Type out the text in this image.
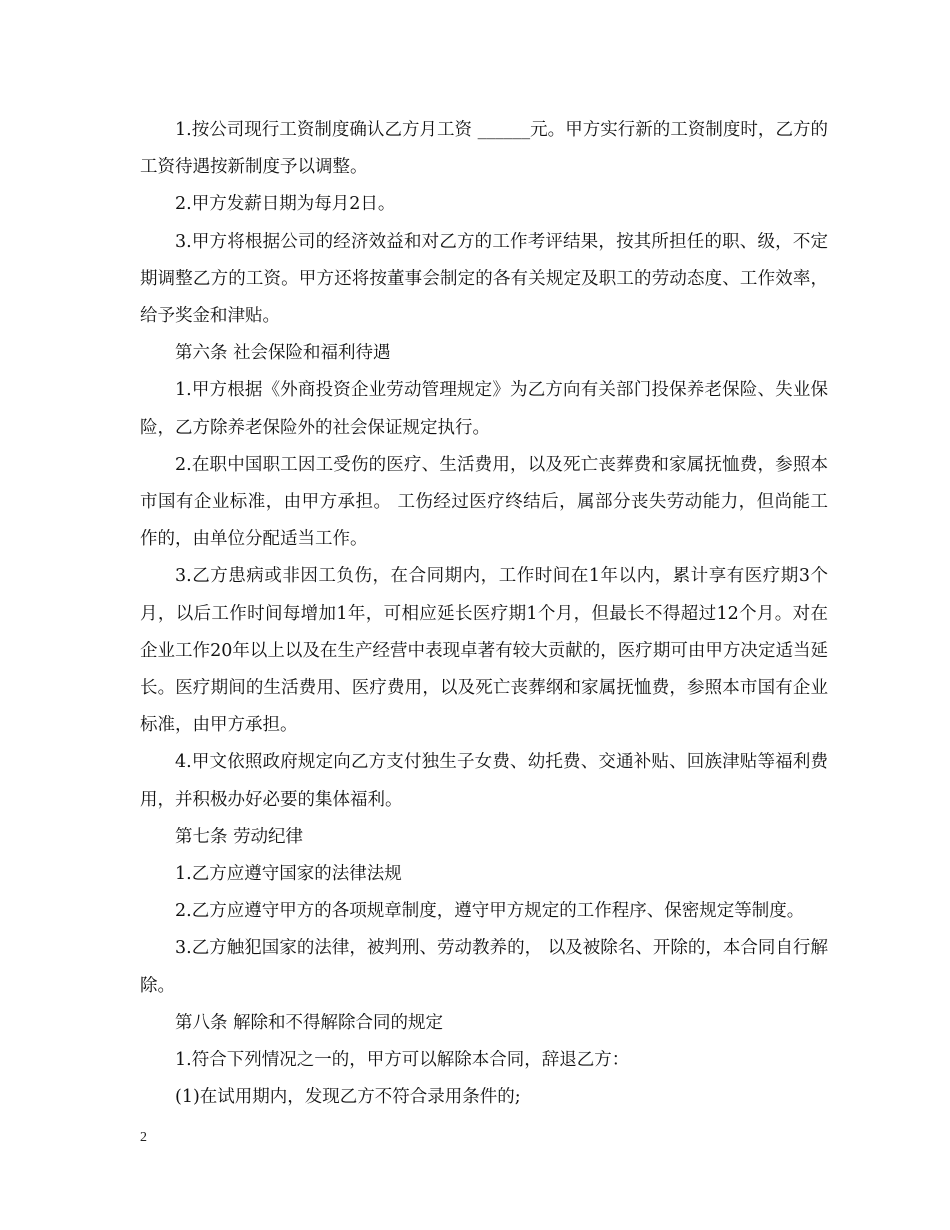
1.按公司现行工资制度确认乙方月工资 ______元。甲方实行新的工资制度时，乙方的工资待遇按新制度予以调整。

2.甲方发薪日期为每月2日。

3.甲方将根据公司的经济效益和对乙方的工作考评结果，按其所担任的职、级，不定期调整乙方的工资。甲方还将按董事会制定的各有关规定及职工的劳动态度、工作效率，给予奖金和津贴。

第六条 社会保险和福利待遇

1.甲方根据《外商投资企业劳动管理规定》为乙方向有关部门投保养老保险、失业保险，乙方除养老保险外的社会保证规定执行。

2.在职中国职工因工受伤的医疗、生活费用，以及死亡丧葬费和家属抚恤费，参照本市国有企业标准，由甲方承担。 工伤经过医疗终结后，属部分丧失劳动能力，但尚能工作的，由单位分配适当工作。

3.乙方患病或非因工负伤，在合同期内，工作时间在1年以内，累计享有医疗期3个月，以后工作时间每增加1年，可相应延长医疗期1个月，但最长不得超过12个月。对在企业工作20年以上以及在生产经营中表现卓著有较大贡献的，医疗期可由甲方决定适当延长。医疗期间的生活费用、医疗费用，以及死亡丧葬纲和家属抚恤费，参照本市国有企业标准，由甲方承担。

4.甲文依照政府规定向乙方支付独生子女费、幼托费、交通补贴、回族津贴等福利费用，并积极办好必要的集体福利。

第七条 劳动纪律

1.乙方应遵守国家的法律法规

2.乙方应遵守甲方的各项规章制度，遵守甲方规定的工作程序、保密规定等制度。

3.乙方触犯国家的法律，被判刑、劳动教养的， 以及被除名、开除的，本合同自行解除。

第八条 解除和不得解除合同的规定

1.符合下列情况之一的，甲方可以解除本合同，辞退乙方：

(1)在试用期内，发现乙方不符合录用条件的;

2
